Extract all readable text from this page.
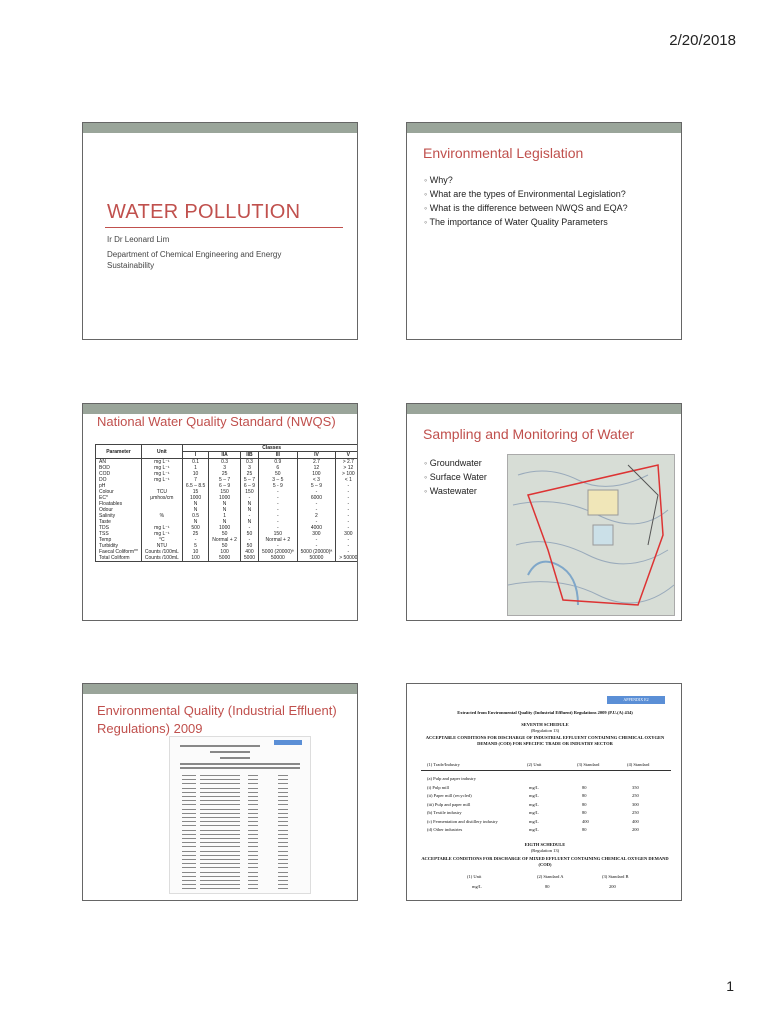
2/20/2018
WATER POLLUTION
Ir Dr Leonard Lim
Department of Chemical Engineering and Energy Sustainability
Environmental Legislation
◦ Why?
◦ What are the types of Environmental Legislation?
◦ What is the difference between NWQS and EQA?
◦ The importance of Water Quality Parameters
National Water Quality Standard (NWQS)
Parameter	Unit	Classes					
		I	IIA	IIB	III	IV	V
AN	mg L⁻¹	0.1	0.3	0.3	0.9	2.7	> 2.7
BOD	mg L⁻¹	1	3	3	6	12	> 12
COD	mg L⁻¹	10	25	25	50	100	> 100
DO	mg L⁻¹	7	5 – 7	5 – 7	3 – 5	< 3	< 1
pH		6.5 – 8.5	6 – 9	6 – 9	5 - 9	5 – 9	-
Colour	TCU	15	150	150	-	-	-
EC*	μmhos/cm	1000	1000	-	-	6000	-
Floatables		N	N	N	-	-	-
Odour		N	N	N	-	-	-
Salinity	%	0.5	1	-	-	2	-
Taste		N	N	N	-	-	-
TDS	mg L⁻¹	500	1000	-	-	4000	-
TSS	mg L⁻¹	25	50	50	150	300	300
Temp	°C	-	Normal + 2	-	Normal + 2	-	-
Turbidity	NTU	5	50	50	-	-	-
Faecal Coliform**	Counts /100mL	10	100	400	5000 (20000)ª	5000 (20000)ª	-
Total Coliform	Counts /100mL	100	5000	5000	50000	50000	> 50000
Sampling and Monitoring of Water
◦ Groundwater
◦ Surface Water
◦ Wastewater
Environmental Quality (Industrial Effluent) Regulations) 2009
APPENDIX E2
Extracted from Environmental Quality (Industrial Effluent) Regulations 2009 (P.U.(A) 434)
SEVENTH SCHEDULE
(Regulation 13)
ACCEPTABLE CONDITIONS FOR DISCHARGE OF INDUSTRIAL EFFLUENT CONTAINING CHEMICAL OXYGEN DEMAND (COD) FOR SPECIFIC TRADE OR INDUSTRY SECTOR
(1) Trade/Industry	(2) Unit	(3) Standard	(4) Standard
(a) Pulp and paper industry
(i) Pulp mill	mg/L	80	350
(ii) Paper mill (recycled)	mg/L	80	250
(iii) Pulp and paper mill	mg/L	80	300
(b) Textile industry	mg/L	80	250
(c) Fermentation and distillery industry	mg/L	400	400
(d) Other industries	mg/L	80	200
EIGTH SCHEDULE
(Regulation 13)
ACCEPTABLE CONDITIONS FOR DISCHARGE OF MIXED EFFLUENT CONTAINING CHEMICAL OXYGEN DEMAND (COD)
(1) Unit	(2) Standard A	(3) Standard B
mg/L	80	200
1
